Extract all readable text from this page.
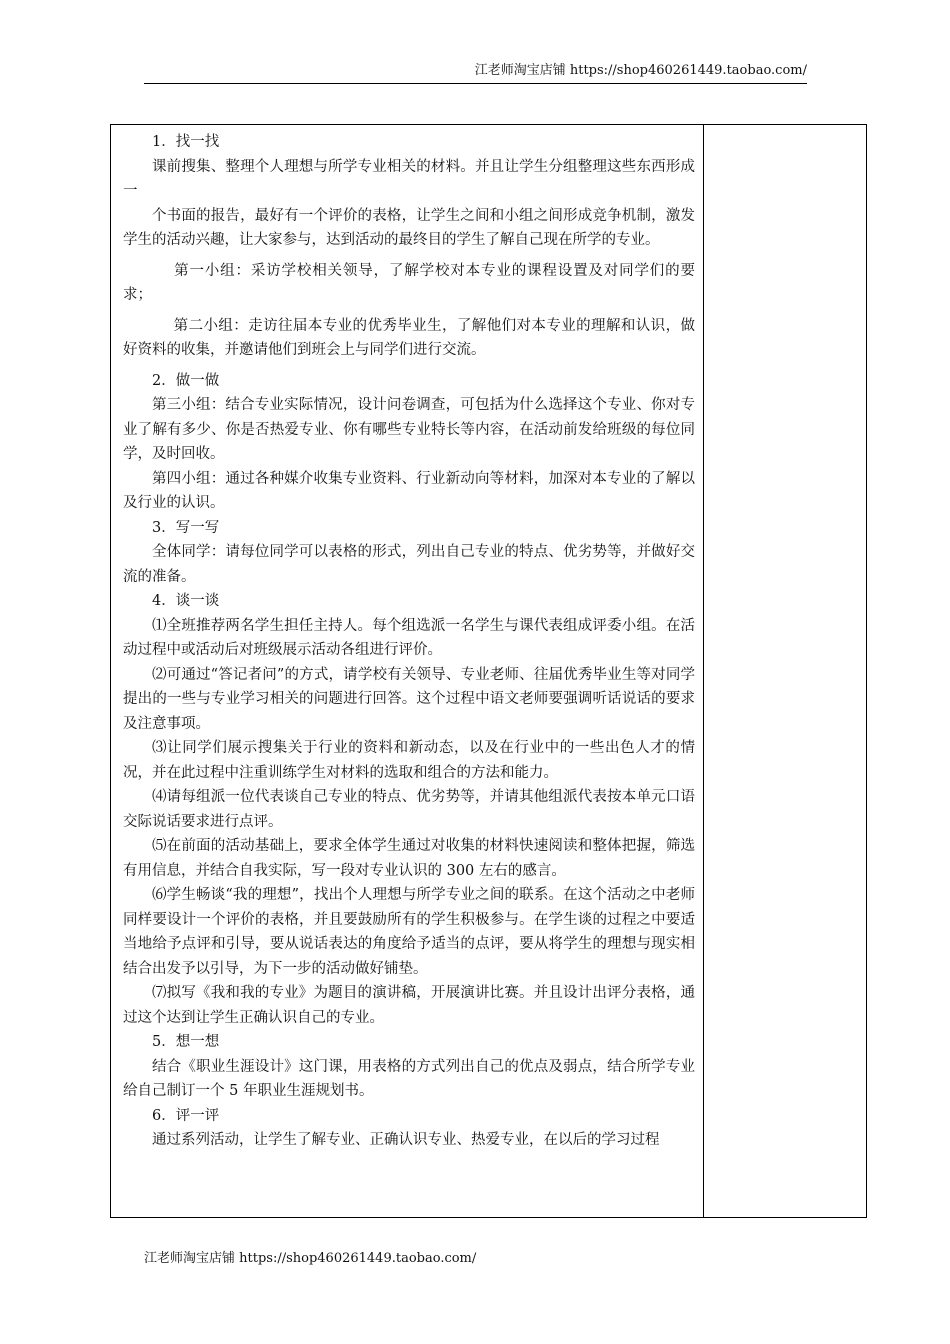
江老师淘宝店铺 https://shop460261449.taobao.com/

1．找一找

课前搜集、整理个人理想与所学专业相关的材料。并且让学生分组整理这些东西形成一

个书面的报告，最好有一个评价的表格，让学生之间和小组之间形成竞争机制，激发学生的活动兴趣，让大家参与，达到活动的最终目的学生了解自己现在所学的专业。

第一小组：采访学校相关领导，了解学校对本专业的课程设置及对同学们的要求；

第二小组：走访往届本专业的优秀毕业生，了解他们对本专业的理解和认识，做好资料的收集，并邀请他们到班会上与同学们进行交流。

2．做一做

第三小组：结合专业实际情况，设计问卷调查，可包括为什么选择这个专业、你对专业了解有多少、你是否热爱专业、你有哪些专业特长等内容，在活动前发给班级的每位同学，及时回收。

第四小组：通过各种媒介收集专业资料、行业新动向等材料，加深对本专业的了解以及行业的认识。

3．写一写

全体同学：请每位同学可以表格的形式，列出自己专业的特点、优劣势等，并做好交流的准备。

4．谈一谈

⑴全班推荐两名学生担任主持人。每个组选派一名学生与课代表组成评委小组。在活动过程中或活动后对班级展示活动各组进行评价。

⑵可通过“答记者问”的方式，请学校有关领导、专业老师、往届优秀毕业生等对同学提出的一些与专业学习相关的问题进行回答。这个过程中语文老师要强调听话说话的要求及注意事项。

⑶让同学们展示搜集关于行业的资料和新动态，以及在行业中的一些出色人才的情况，并在此过程中注重训练学生对材料的选取和组合的方法和能力。

⑷请每组派一位代表谈自己专业的特点、优劣势等，并请其他组派代表按本单元口语交际说话要求进行点评。

⑸在前面的活动基础上，要求全体学生通过对收集的材料快速阅读和整体把握，筛选有用信息，并结合自我实际，写一段对专业认识的 300 左右的感言。

⑹学生畅谈“我的理想”，找出个人理想与所学专业之间的联系。在这个活动之中老师同样要设计一个评价的表格，并且要鼓励所有的学生积极参与。在学生谈的过程之中要适当地给予点评和引导，要从说话表达的角度给予适当的点评，要从将学生的理想与现实相结合出发予以引导，为下一步的活动做好铺垫。

⑺拟写《我和我的专业》为题目的演讲稿，开展演讲比赛。并且设计出评分表格，通过这个达到让学生正确认识自己的专业。

5．想一想

结合《职业生涯设计》这门课，用表格的方式列出自己的优点及弱点，结合所学专业给自己制订一个 5 年职业生涯规划书。

6．评一评

通过系列活动，让学生了解专业、正确认识专业、热爱专业，在以后的学习过程

江老师淘宝店铺 https://shop460261449.taobao.com/
